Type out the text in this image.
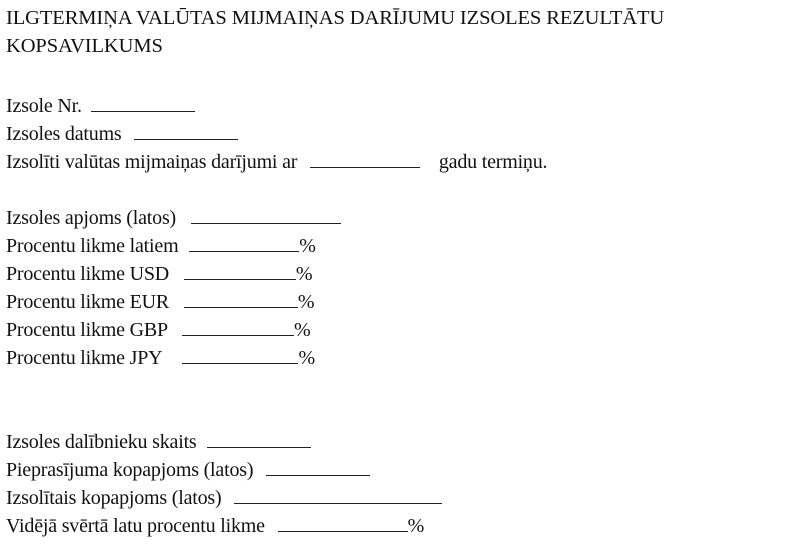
ILGTERMIŅA VALŪTAS MIJMAIŅAS DARĪJUMU IZSOLES REZULTĀTU
KOPSAVILKUMS
Izsole Nr.
Izsoles datums
Izsolīti valūtas mijmaiņas darījumi ar	gadu termiņu.
Izsoles apjoms (latos)
Procentu likme latiem	%
Procentu likme USD	%
Procentu likme EUR	%
Procentu likme GBP	%
Procentu likme JPY	%
Izsoles dalībnieku skaits
Pieprasījuma kopapjoms (latos)
Izsolītais kopapjoms (latos)
Vidējā svērtā latu procentu likme	%
